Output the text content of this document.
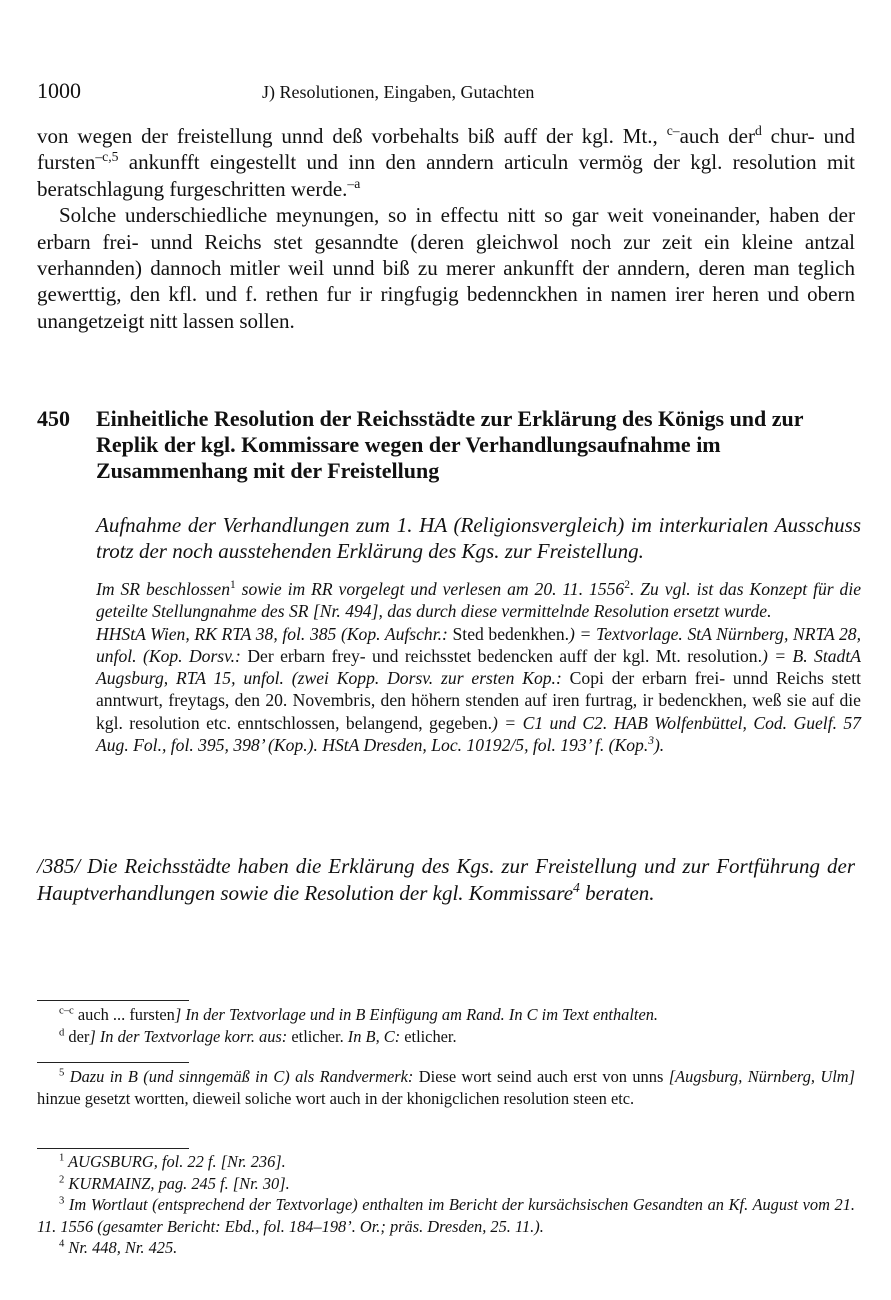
1000	J) Resolutionen, Eingaben, Gutachten

von wegen der freistellung unnd deß vorbehalts biß auff der kgl. Mt., $^{c-}$auch der$^d$ chur- und fursten$^{-c,5}$ ankunfft eingestellt und inn den anndern articuln vermög der kgl. resolution mit beratschlagung furgeschritten werde.$^{-a}$

Solche underschiedliche meynungen, so in effectu nitt so gar weit voneinander, haben der erbarn frei- unnd Reichs stet gesanndte (deren gleichwol noch zur zeit ein kleine antzal verhannden) dannoch mitler weil unnd biß zu merer ankunfft der anndern, deren man teglich gewerttig, den kfl. und f. rethen fur ir ringfugig bedennckhen in namen irer heren und obern unangetzeigt nitt lassen sollen.

450 Einheitliche Resolution der Reichsstädte zur Erklärung des Königs und zur Replik der kgl. Kommissare wegen der Verhandlungsaufnahme im Zusammenhang mit der Freistellung
Aufnahme der Verhandlungen zum 1. HA (Religionsvergleich) im interkurialen Ausschuss trotz der noch ausstehenden Erklärung des Kgs. zur Freistellung.
Im SR beschlossen$^1$ sowie im RR vorgelegt und verlesen am 20. 11. 1556$^2$. Zu vgl. ist das Konzept für die geteilte Stellungnahme des SR [Nr. 494], das durch diese vermittelnde Resolution ersetzt wurde.
HHStA Wien, RK RTA 38, fol. 385 (Kop. Aufschr.: Sted bedenkhen.) = Textvorlage. StA Nürnberg, NRTA 28, unfol. (Kop. Dorsv.: Der erbarn frey- und reichsstet bedencken auff der kgl. Mt. resolution.) = B. StadtA Augsburg, RTA 15, unfol. (zwei Kopp. Dorsv. zur ersten Kop.: Copi der erbarn frei- unnd Reichs stett anntwurt, freytags, den 20. Novembris, den höhern stenden auf iren furtrag, ir bedenckhen, weß sie auf die kgl. resolution etc. enntschlossen, belangend, gegeben.) = C1 und C2. HAB Wolfenbüttel, Cod. Guelf. 57 Aug. Fol., fol. 395, 398’ (Kop.). HStA Dresden, Loc. 10192/5, fol. 193’ f. (Kop.$^3$).
/385/ Die Reichsstädte haben die Erklärung des Kgs. zur Freistellung und zur Fortführung der Hauptverhandlungen sowie die Resolution der kgl. Kommissare$^4$ beraten.
$^{c-c}$ auch ... fursten] In der Textvorlage und in B Einfügung am Rand. In C im Text enthalten.
$^d$ der] In der Textvorlage korr. aus: etlicher. In B, C: etlicher.
$^5$ Dazu in B (und sinngemäß in C) als Randvermerk: Diese wort seind auch erst von unns [Augsburg, Nürnberg, Ulm] hinzue gesetzt wortten, dieweil soliche wort auch in der khonigclichen resolution steen etc.
$^1$ AUGSBURG, fol. 22 f. [Nr. 236].
$^2$ KURMAINZ, pag. 245 f. [Nr. 30].
$^3$ Im Wortlaut (entsprechend der Textvorlage) enthalten im Bericht der kursächsischen Gesandten an Kf. August vom 21. 11. 1556 (gesamter Bericht: Ebd., fol. 184–198’. Or.; präs. Dresden, 25. 11.).
$^4$ Nr. 448, Nr. 425.
